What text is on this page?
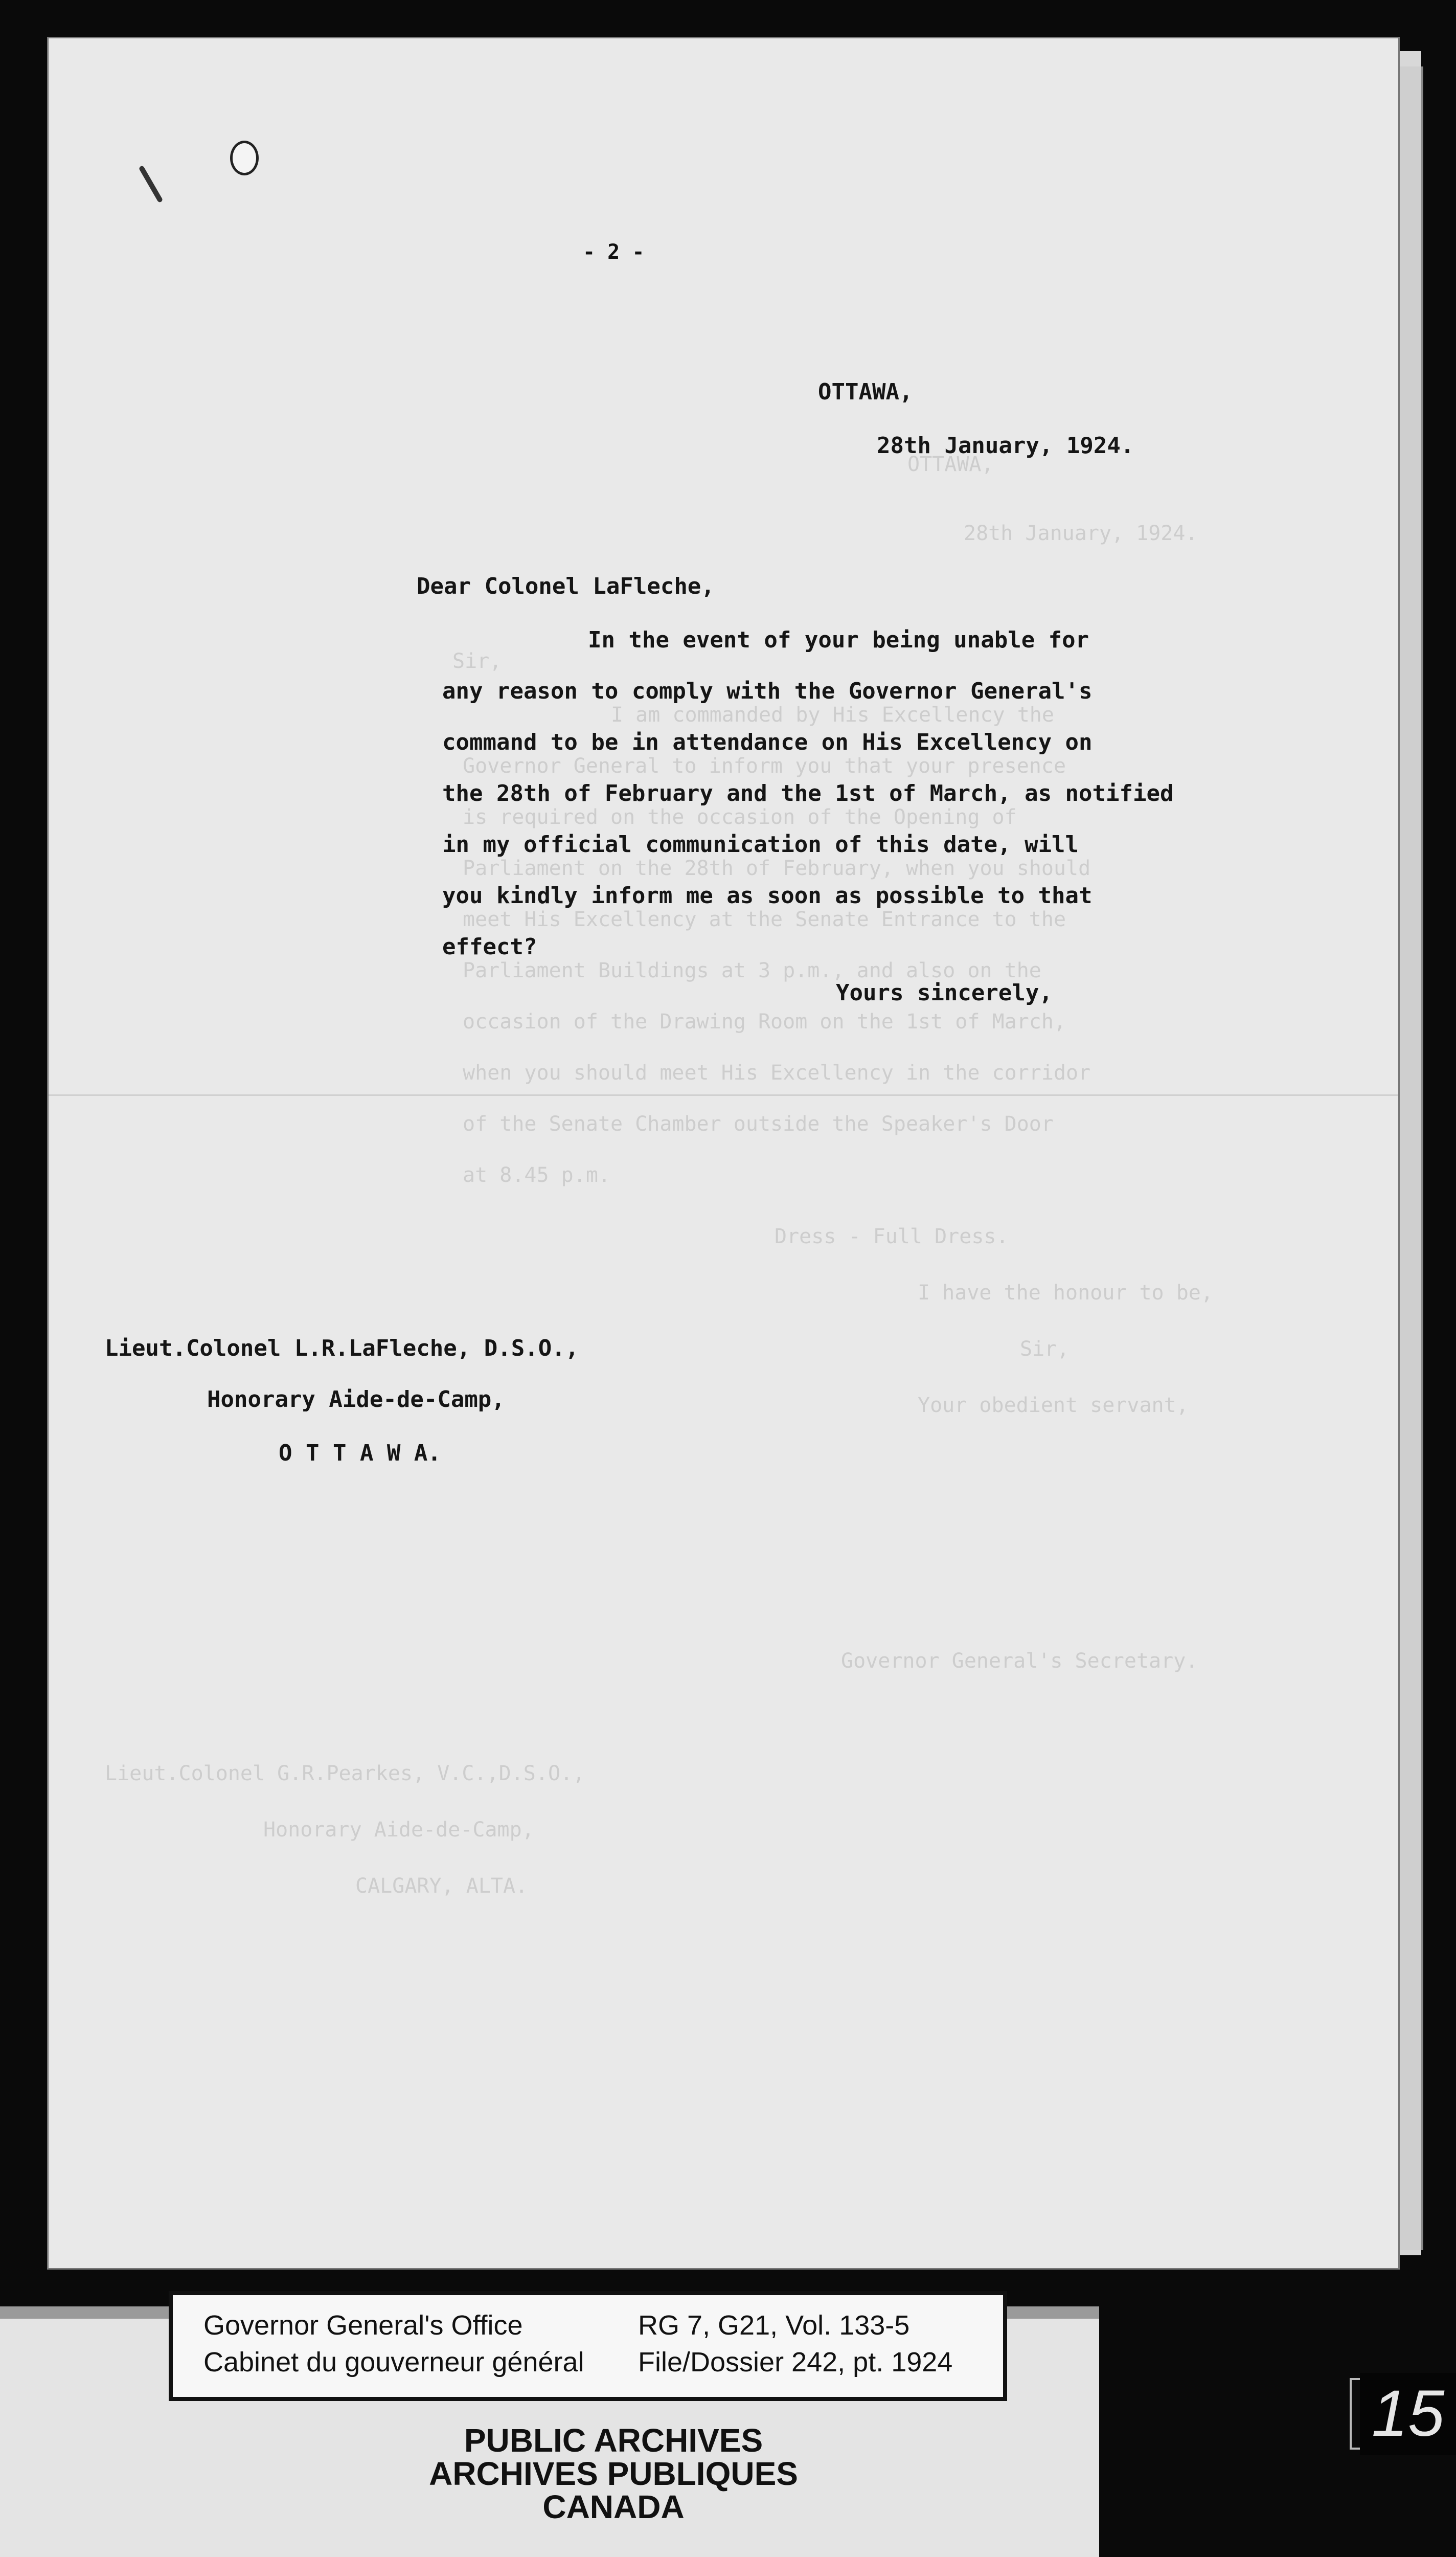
OTTAWA,
28th January, 1924.
Sir,
I am commanded by His Excellency the
Governor General to inform you that your presence
is required on the occasion of the Opening of
Parliament on the 28th of February, when you should
meet His Excellency at the Senate Entrance to the
Parliament Buildings at 3 p.m., and also on the
occasion of the Drawing Room on the 1st of March,
when you should meet His Excellency in the corridor
of the Senate Chamber outside the Speaker's Door
at 8.45 p.m.
Dress - Full Dress.
I have the honour to be,
Sir,
Your obedient servant,
Governor General's Secretary.
Lieut.Colonel G.R.Pearkes, V.C.,D.S.O.,
Honorary Aide-de-Camp,
CALGARY, ALTA.
- 2 -
OTTAWA,
28th January, 1924.
Dear Colonel LaFleche,
In the event of your being unable for
any reason to comply with the Governor General's
command to be in attendance on His Excellency on
the 28th of February and the 1st of March, as notified
in my official communication of this date, will
you kindly inform me as soon as possible to that
effect?
Yours sincerely,
Lieut.Colonel L.R.LaFleche, D.S.O.,
Honorary Aide-de-Camp,
O T T A W A.
Governor General's Office
Cabinet du gouverneur général
RG 7, G21, Vol. 133-5
File/Dossier 242, pt. 1924
PUBLIC ARCHIVES
ARCHIVES PUBLIQUES
CANADA
15
